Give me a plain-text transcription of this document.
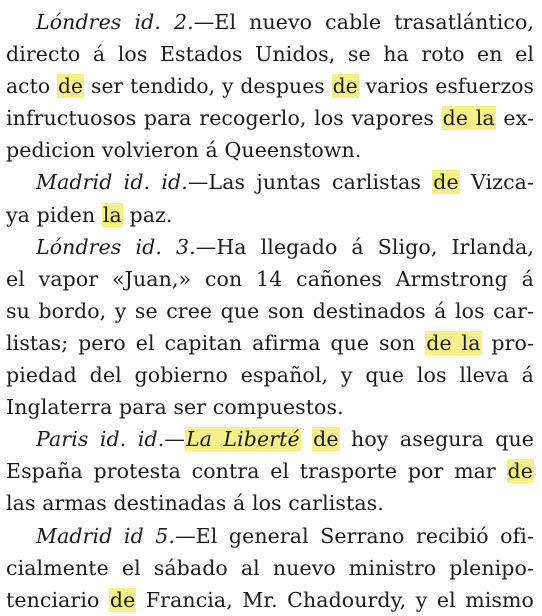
Lóndres id. 2.—El nuevo cable trasatlántico,
directo á los Estados Unidos, se ha roto en el
acto de ser tendido, y despues de varios esfuerzos
infructuosos para recogerlo, los vapores de la ex-
pedicion volvieron á Queenstown.
Madrid id. id.—Las juntas carlistas de Vizca-
ya piden la paz.
Lóndres id. 3.—Ha llegado á Sligo, Irlanda,
el vapor «Juan,» con 14 cañones Armstrong á
su bordo, y se cree que son destinados á los car-
listas; pero el capitan afirma que son de la pro-
piedad del gobierno español, y que los lleva á
Inglaterra para ser compuestos.
Paris id. id.—La Liberté de hoy asegura que
España protesta contra el trasporte por mar de
las armas destinadas á los carlistas.
Madrid id 5.—El general Serrano recibió ofi-
cialmente el sábado al nuevo ministro plenipo-
tenciario de Francia, Mr. Chadourdy, y el mismo
